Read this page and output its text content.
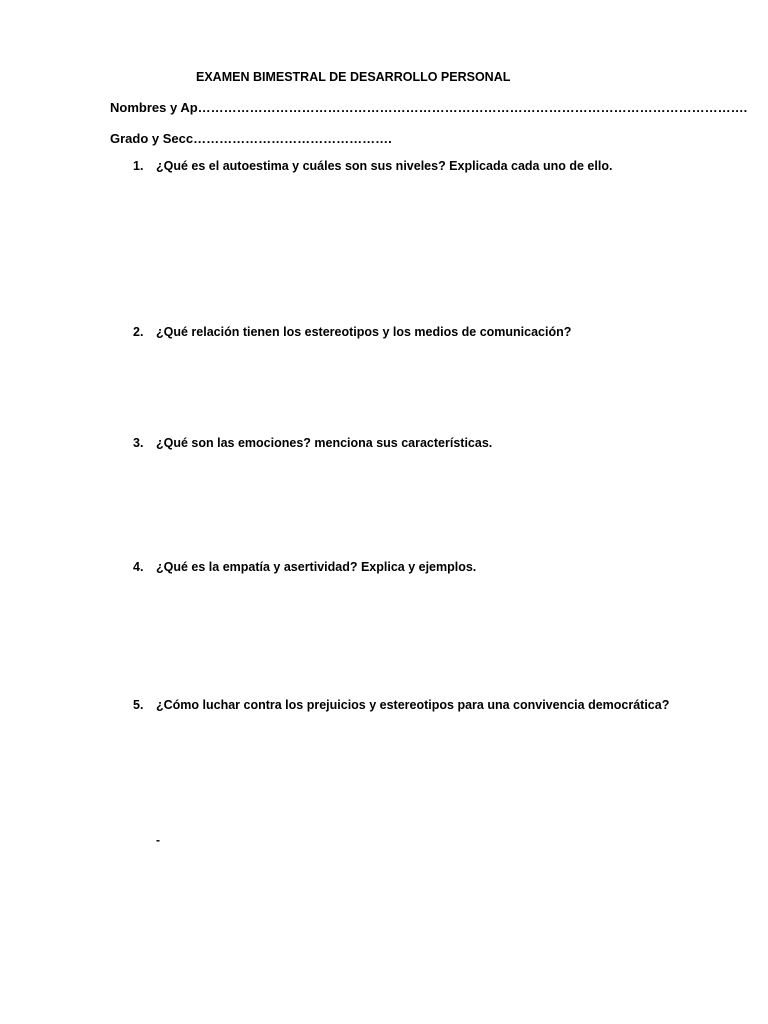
EXAMEN BIMESTRAL DE DESARROLLO PERSONAL
Nombres y Ap……………………………………………………………………………………………………………….
Grado y Secc……………………………………….
1.	¿Qué es el autoestima y cuáles son sus niveles? Explicada cada uno de ello.
2.	¿Qué relación tienen los estereotipos y los medios de comunicación?
3.	¿Qué son las emociones? menciona sus características.
4.	¿Qué es la empatía y asertividad? Explica y ejemplos.
5.	¿Cómo luchar contra los prejuicios y estereotipos para una convivencia democrática?
-
